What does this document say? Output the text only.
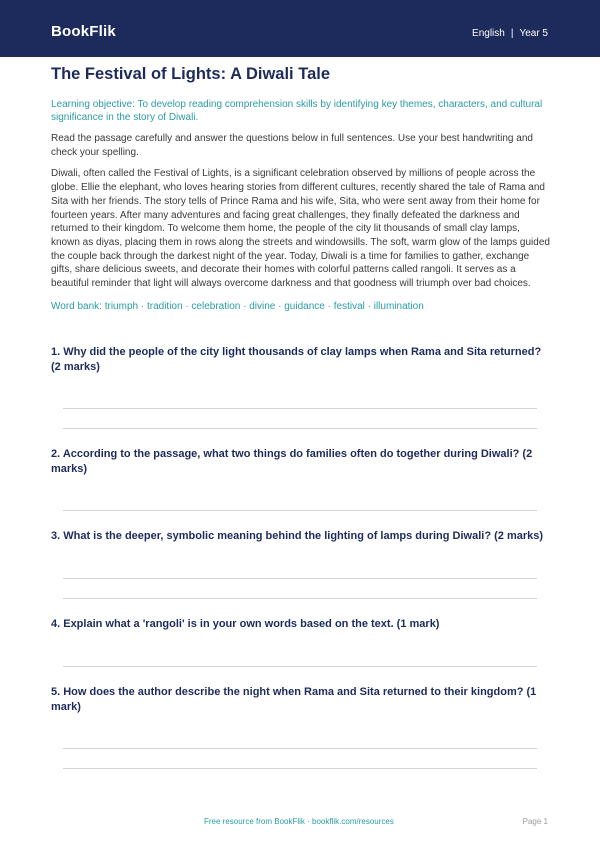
BookFlik	English | Year 5
The Festival of Lights: A Diwali Tale
Learning objective: To develop reading comprehension skills by identifying key themes, characters, and cultural significance in the story of Diwali.
Read the passage carefully and answer the questions below in full sentences. Use your best handwriting and check your spelling.
Diwali, often called the Festival of Lights, is a significant celebration observed by millions of people across the globe. Ellie the elephant, who loves hearing stories from different cultures, recently shared the tale of Rama and Sita with her friends. The story tells of Prince Rama and his wife, Sita, who were sent away from their home for fourteen years. After many adventures and facing great challenges, they finally defeated the darkness and returned to their kingdom. To welcome them home, the people of the city lit thousands of small clay lamps, known as diyas, placing them in rows along the streets and windowsills. The soft, warm glow of the lamps guided the couple back through the darkest night of the year. Today, Diwali is a time for families to gather, exchange gifts, share delicious sweets, and decorate their homes with colorful patterns called rangoli. It serves as a beautiful reminder that light will always overcome darkness and that goodness will triumph over bad choices.
Word bank: triumph · tradition · celebration · divine · guidance · festival · illumination
1. Why did the people of the city light thousands of clay lamps when Rama and Sita returned? (2 marks)
2. According to the passage, what two things do families often do together during Diwali? (2 marks)
3. What is the deeper, symbolic meaning behind the lighting of lamps during Diwali? (2 marks)
4. Explain what a 'rangoli' is in your own words based on the text. (1 mark)
5. How does the author describe the night when Rama and Sita returned to their kingdom? (1 mark)
Free resource from BookFlik · bookflik.com/resources	Page 1
